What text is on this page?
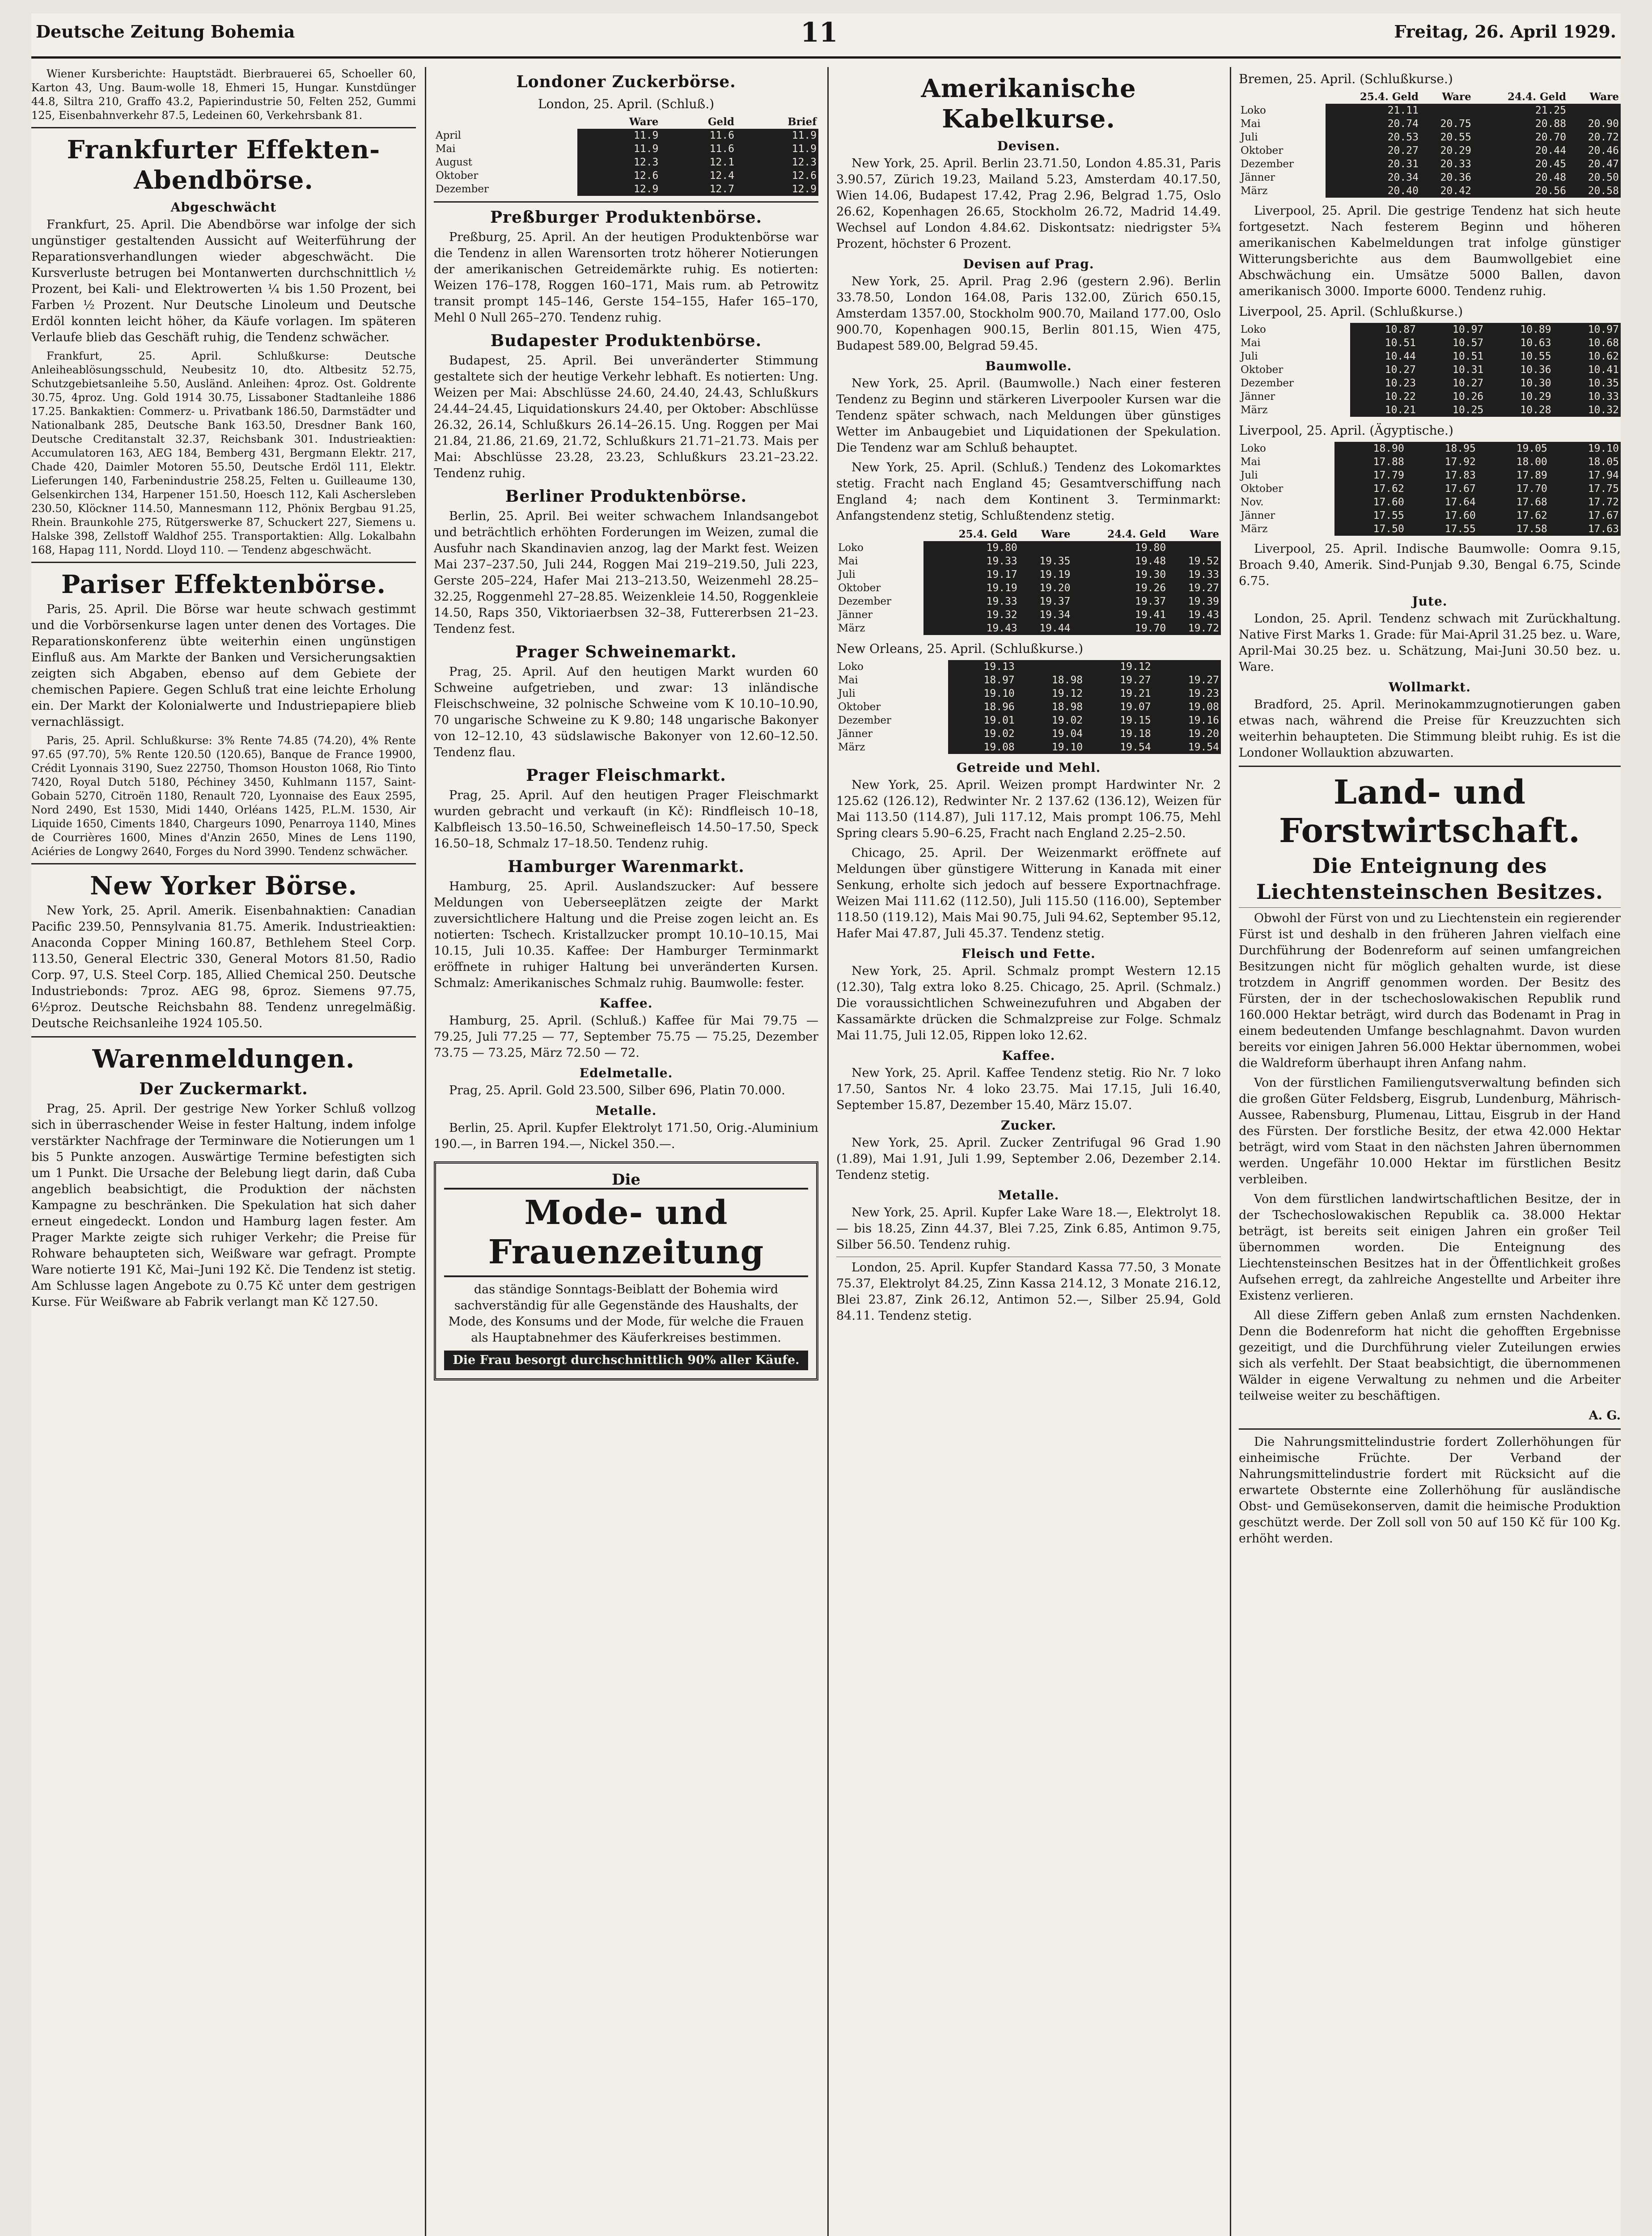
Deutsche Zeitung Bohemia	11	Freitag, 26. April 1929.

Wiener Kursberichte: Hauptstädt. Bierbrauerei 65, Schoeller 60, Karton 43, Ung. Baum-wolle 18, Ehmeri 15, Hungar. Kunstdünger 44.8, Siltra 210, Graffo 43.2, Papierindustrie 50, Felten 252, Gummi 125, Eisenbahnverkehr 87.5, Ledeinen 60, Verkehrsbank 81.

Frankfurter Effekten-Abendbörse.
Abgeschwächt

Frankfurt, 25. April. Die Abendbörse war infolge der sich ungünstiger gestaltenden Aussicht auf Weiterführung der Reparationsverhandlungen wieder abgeschwächt. Die Kursverluste betrugen bei Montanwerten durchschnittlich ½ Prozent, bei Kali- und Elektrowerten ¼ bis 1.50 Prozent, bei Farben ½ Prozent. Nur Deutsche Linoleum und Deutsche Erdöl konnten leicht höher, da Käufe vorlagen. Im späteren Verlaufe blieb das Geschäft ruhig, die Tendenz schwächer.

Frankfurt, 25. April. Schlußkurse: Deutsche Anleiheablösungsschuld, Neubesitz 10, dto. Altbesitz 52.75, Schutzgebietsanleihe 5.50, Ausländ. Anleihen: 4proz. Ost. Goldrente 30.75, 4proz. Ung. Gold 1914 30.75, Lissaboner Stadtanleihe 1886 17.25. Bankaktien: Commerz- u. Privatbank 186.50, Darmstädter und Nationalbank 285, Deutsche Bank 163.50, Dresdner Bank 160, Deutsche Creditanstalt 32.37, Reichsbank 301. Industrieaktien: Accumulatoren 163, AEG 184, Bemberg 431, Bergmann Elektr. 217, Chade 420, Daimler Motoren 55.50, Deutsche Erdöl 111, Elektr. Lieferungen 140, Farbenindustrie 258.25, Felten u. Guilleaume 130, Gelsenkirchen 134, Harpener 151.50, Hoesch 112, Kali Aschersleben 230.50, Klöckner 114.50, Mannesmann 112, Phönix Bergbau 91.25, Rhein. Braunkohle 275, Rütgerswerke 87, Schuckert 227, Siemens u. Halske 398, Zellstoff Waldhof 255. Transportaktien: Allg. Lokalbahn 168, Hapag 111, Nordd. Lloyd 110. — Tendenz abgeschwächt.

Pariser Effektenbörse.

Paris, 25. April. Die Börse war heute schwach gestimmt und die Vorbörsenkurse lagen unter denen des Vortages. Die Reparationskonferenz übte weiterhin einen ungünstigen Einfluß aus. Am Markte der Banken und Versicherungsaktien zeigten sich Abgaben, ebenso auf dem Gebiete der chemischen Papiere. Gegen Schluß trat eine leichte Erholung ein. Der Markt der Kolonialwerte und Industriepapiere blieb vernachlässigt.

Paris, 25. April. Schlußkurse: 3% Rente 74.85 (74.20), 4% Rente 97.65 (97.70), 5% Rente 120.50 (120.65), Banque de France 19900, Crédit Lyonnais 3190, Suez 22750, Thomson Houston 1068, Rio Tinto 7420, Royal Dutch 5180, Péchiney 3450, Kuhlmann 1157, Saint-Gobain 5270, Citroën 1180, Renault 720, Lyonnaise des Eaux 2595, Nord 2490, Est 1530, Midi 1440, Orléans 1425, P.L.M. 1530, Air Liquide 1650, Ciments 1840, Chargeurs 1090, Penarroya 1140, Mines de Courrières 1600, Mines d'Anzin 2650, Mines de Lens 1190, Aciéries de Longwy 2640, Forges du Nord 3990. Tendenz schwächer.

New Yorker Börse.

New York, 25. April. Amerik. Eisenbahnaktien: Canadian Pacific 239.50, Pennsylvania 81.75. Amerik. Industrieaktien: Anaconda Copper Mining 160.87, Bethlehem Steel Corp. 113.50, General Electric 330, General Motors 81.50, Radio Corp. 97, U.S. Steel Corp. 185, Allied Chemical 250. Deutsche Industriebonds: 7proz. AEG 98, 6proz. Siemens 97.75, 6½proz. Deutsche Reichsbahn 88. Tendenz unregelmäßig. Deutsche Reichsanleihe 1924 105.50.

Warenmeldungen.
Der Zuckermarkt.

Prag, 25. April. Der gestrige New Yorker Schluß vollzog sich in überraschender Weise in fester Haltung, indem infolge verstärkter Nachfrage der Terminware die Notierungen um 1 bis 5 Punkte anzogen. Auswärtige Termine befestigten sich um 1 Punkt. Die Ursache der Belebung liegt darin, daß Cuba angeblich beabsichtigt, die Produktion der nächsten Kampagne zu beschränken. Die Spekulation hat sich daher erneut eingedeckt. London und Hamburg lagen fester. Am Prager Markte zeigte sich ruhiger Verkehr; die Preise für Rohware behaupteten sich, Weißware war gefragt. Prompte Ware notierte 191 Kč, Mai–Juni 192 Kč. Die Tendenz ist stetig. Am Schlusse lagen Angebote zu 0.75 Kč unter dem gestrigen Kurse. Für Weißware ab Fabrik verlangt man Kč 127.50.

Londoner Zuckerbörse.
London, 25. April. (Schluß.)
	Ware	Geld	Brief
April	11.9	11.6	11.9
Mai	11.9	11.6	11.9
August	12.3	12.1	12.3
Oktober	12.6	12.4	12.6
Dezember	12.9	12.7	12.9
Preßburger Produktenbörse.

Preßburg, 25. April. An der heutigen Produktenbörse war die Tendenz in allen Warensorten trotz höherer Notierungen der amerikanischen Getreidemärkte ruhig. Es notierten: Weizen 176–178, Roggen 160–171, Mais rum. ab Petrowitz transit prompt 145–146, Gerste 154–155, Hafer 165–170, Mehl 0 Null 265–270. Tendenz ruhig.

Budapester Produktenbörse.

Budapest, 25. April. Bei unveränderter Stimmung gestaltete sich der heutige Verkehr lebhaft. Es notierten: Ung. Weizen per Mai: Abschlüsse 24.60, 24.40, 24.43, Schlußkurs 24.44–24.45, Liquidationskurs 24.40, per Oktober: Abschlüsse 26.32, 26.14, Schlußkurs 26.14–26.15. Ung. Roggen per Mai 21.84, 21.86, 21.69, 21.72, Schlußkurs 21.71–21.73. Mais per Mai: Abschlüsse 23.28, 23.23, Schlußkurs 23.21–23.22. Tendenz ruhig.

Berliner Produktenbörse.

Berlin, 25. April. Bei weiter schwachem Inlandsangebot und beträchtlich erhöhten Forderungen im Weizen, zumal die Ausfuhr nach Skandinavien anzog, lag der Markt fest. Weizen Mai 237–237.50, Juli 244, Roggen Mai 219–219.50, Juli 223, Gerste 205–224, Hafer Mai 213–213.50, Weizenmehl 28.25–32.25, Roggenmehl 27–28.85. Weizenkleie 14.50, Roggenkleie 14.50, Raps 350, Viktoriaerbsen 32–38, Futtererbsen 21–23. Tendenz fest.

Prager Schweinemarkt.

Prag, 25. April. Auf den heutigen Markt wurden 60 Schweine aufgetrieben, und zwar: 13 inländische Fleischschweine, 32 polnische Schweine vom K 10.10–10.90, 70 ungarische Schweine zu K 9.80; 148 ungarische Bakonyer von 12–12.10, 43 südslawische Bakonyer von 12.60–12.50. Tendenz flau.

Prager Fleischmarkt.

Prag, 25. April. Auf den heutigen Prager Fleischmarkt wurden gebracht und verkauft (in Kč): Rindfleisch 10–18, Kalbfleisch 13.50–16.50, Schweinefleisch 14.50–17.50, Speck 16.50–18, Schmalz 17–18.50. Tendenz ruhig.

Hamburger Warenmarkt.

Hamburg, 25. April. Auslandszucker: Auf bessere Meldungen von Ueberseeplätzen zeigte der Markt zuversichtlichere Haltung und die Preise zogen leicht an. Es notierten: Tschech. Kristallzucker prompt 10.10–10.15, Mai 10.15, Juli 10.35. Kaffee: Der Hamburger Terminmarkt eröffnete in ruhiger Haltung bei unveränderten Kursen. Schmalz: Amerikanisches Schmalz ruhig. Baumwolle: fester.

Kaffee.

Hamburg, 25. April. (Schluß.) Kaffee für Mai 79.75 — 79.25, Juli 77.25 — 77, September 75.75 — 75.25, Dezember 73.75 — 73.25, März 72.50 — 72.

Edelmetalle.

Prag, 25. April. Gold 23.500, Silber 696, Platin 70.000.

Metalle.

Berlin, 25. April. Kupfer Elektrolyt 171.50, Orig.-Aluminium 190.—, in Barren 194.—, Nickel 350.—.

Die
Mode- und Frauenzeitung
das ständige Sonntags-Beiblatt der Bohemia wird sachverständig für alle Gegenstände des Haushalts, der Mode, des Konsums und der Mode, für welche die Frauen als Hauptabnehmer des Käuferkreises bestimmen.
Die Frau besorgt durchschnittlich 90% aller Käufe.
Amerikanische Kabelkurse.
Devisen.

New York, 25. April. Berlin 23.71.50, London 4.85.31, Paris 3.90.57, Zürich 19.23, Mailand 5.23, Amsterdam 40.17.50, Wien 14.06, Budapest 17.42, Prag 2.96, Belgrad 1.75, Oslo 26.62, Kopenhagen 26.65, Stockholm 26.72, Madrid 14.49. Wechsel auf London 4.84.62. Diskontsatz: niedrigster 5¾ Prozent, höchster 6 Prozent.

Devisen auf Prag.

New York, 25. April. Prag 2.96 (gestern 2.96). Berlin 33.78.50, London 164.08, Paris 132.00, Zürich 650.15, Amsterdam 1357.00, Stockholm 900.70, Mailand 177.00, Oslo 900.70, Kopenhagen 900.15, Berlin 801.15, Wien 475, Budapest 589.00, Belgrad 59.45.

Baumwolle.

New York, 25. April. (Baumwolle.) Nach einer festeren Tendenz zu Beginn und stärkeren Liverpooler Kursen war die Tendenz später schwach, nach Meldungen über günstiges Wetter im Anbaugebiet und Liquidationen der Spekulation. Die Tendenz war am Schluß behauptet.

New York, 25. April. (Schluß.) Tendenz des Lokomarktes stetig. Fracht nach England 45; Gesamtverschiffung nach England 4; nach dem Kontinent 3. Terminmarkt: Anfangstendenz stetig, Schlußtendenz stetig.

	25.4. Geld	Ware	24.4. Geld	Ware
Loko	19.80		19.80	
Mai	19.33	19.35	19.48	19.52
Juli	19.17	19.19	19.30	19.33
Oktober	19.19	19.20	19.26	19.27
Dezember	19.33	19.37	19.37	19.39
Jänner	19.32	19.34	19.41	19.43
März	19.43	19.44	19.70	19.72
New Orleans, 25. April. (Schlußkurse.)
Loko	19.13		19.12	
Mai	18.97	18.98	19.27	19.27
Juli	19.10	19.12	19.21	19.23
Oktober	18.96	18.98	19.07	19.08
Dezember	19.01	19.02	19.15	19.16
Jänner	19.02	19.04	19.18	19.20
März	19.08	19.10	19.54	19.54
Getreide und Mehl.

New York, 25. April. Weizen prompt Hardwinter Nr. 2 125.62 (126.12), Redwinter Nr. 2 137.62 (136.12), Weizen für Mai 113.50 (114.87), Juli 117.12, Mais prompt 106.75, Mehl Spring clears 5.90–6.25, Fracht nach England 2.25–2.50.

Chicago, 25. April. Der Weizenmarkt eröffnete auf Meldungen über günstigere Witterung in Kanada mit einer Senkung, erholte sich jedoch auf bessere Exportnachfrage. Weizen Mai 111.62 (112.50), Juli 115.50 (116.00), September 118.50 (119.12), Mais Mai 90.75, Juli 94.62, September 95.12, Hafer Mai 47.87, Juli 45.37. Tendenz stetig.

Fleisch und Fette.

New York, 25. April. Schmalz prompt Western 12.15 (12.30), Talg extra loko 8.25. Chicago, 25. April. (Schmalz.) Die voraussichtlichen Schweinezufuhren und Abgaben der Kassamärkte drücken die Schmalzpreise zur Folge. Schmalz Mai 11.75, Juli 12.05, Rippen loko 12.62.

Kaffee.

New York, 25. April. Kaffee Tendenz stetig. Rio Nr. 7 loko 17.50, Santos Nr. 4 loko 23.75. Mai 17.15, Juli 16.40, September 15.87, Dezember 15.40, März 15.07.

Zucker.

New York, 25. April. Zucker Zentrifugal 96 Grad 1.90 (1.89), Mai 1.91, Juli 1.99, September 2.06, Dezember 2.14. Tendenz stetig.

Metalle.

New York, 25. April. Kupfer Lake Ware 18.—, Elektrolyt 18.— bis 18.25, Zinn 44.37, Blei 7.25, Zink 6.85, Antimon 9.75, Silber 56.50. Tendenz ruhig.

London, 25. April. Kupfer Standard Kassa 77.50, 3 Monate 75.37, Elektrolyt 84.25, Zinn Kassa 214.12, 3 Monate 216.12, Blei 23.87, Zink 26.12, Antimon 52.—, Silber 25.94, Gold 84.11. Tendenz stetig.

Bremen, 25. April. (Schlußkurse.)
	25.4. Geld	Ware	24.4. Geld	Ware
Loko	21.11		21.25	
Mai	20.74	20.75	20.88	20.90
Juli	20.53	20.55	20.70	20.72
Oktober	20.27	20.29	20.44	20.46
Dezember	20.31	20.33	20.45	20.47
Jänner	20.34	20.36	20.48	20.50
März	20.40	20.42	20.56	20.58

Liverpool, 25. April. Die gestrige Tendenz hat sich heute fortgesetzt. Nach festerem Beginn und höheren amerikanischen Kabelmeldungen trat infolge günstiger Witterungsberichte aus dem Baumwollgebiet eine Abschwächung ein. Umsätze 5000 Ballen, davon amerikanisch 3000. Importe 6000. Tendenz ruhig.

Liverpool, 25. April. (Schlußkurse.)
Loko	10.87	10.97	10.89	10.97
Mai	10.51	10.57	10.63	10.68
Juli	10.44	10.51	10.55	10.62
Oktober	10.27	10.31	10.36	10.41
Dezember	10.23	10.27	10.30	10.35
Jänner	10.22	10.26	10.29	10.33
März	10.21	10.25	10.28	10.32
Liverpool, 25. April. (Ägyptische.)
Loko	18.90	18.95	19.05	19.10
Mai	17.88	17.92	18.00	18.05
Juli	17.79	17.83	17.89	17.94
Oktober	17.62	17.67	17.70	17.75
Nov.	17.60	17.64	17.68	17.72
Jänner	17.55	17.60	17.62	17.67
März	17.50	17.55	17.58	17.63

Liverpool, 25. April. Indische Baumwolle: Oomra 9.15, Broach 9.40, Amerik. Sind-Punjab 9.30, Bengal 6.75, Scinde 6.75.

Jute.

London, 25. April. Tendenz schwach mit Zurückhaltung. Native First Marks 1. Grade: für Mai-April 31.25 bez. u. Ware, April-Mai 30.25 bez. u. Schätzung, Mai-Juni 30.50 bez. u. Ware.

Wollmarkt.

Bradford, 25. April. Merinokammzugnotierungen gaben etwas nach, während die Preise für Kreuzzuchten sich weiterhin behaupteten. Die Stimmung bleibt ruhig. Es ist die Londoner Wollauktion abzuwarten.

Land- und Forstwirtschaft.
Die Enteignung des Liechtensteinschen Besitzes.

Obwohl der Fürst von und zu Liechtenstein ein regierender Fürst ist und deshalb in den früheren Jahren vielfach eine Durchführung der Bodenreform auf seinen umfangreichen Besitzungen nicht für möglich gehalten wurde, ist diese trotzdem in Angriff genommen worden. Der Besitz des Fürsten, der in der tschechoslowakischen Republik rund 160.000 Hektar beträgt, wird durch das Bodenamt in Prag in einem bedeutenden Umfange beschlagnahmt. Davon wurden bereits vor einigen Jahren 56.000 Hektar übernommen, wobei die Waldreform überhaupt ihren Anfang nahm.

Von der fürstlichen Familiengutsverwaltung befinden sich die großen Güter Feldsberg, Eisgrub, Lundenburg, Mährisch-Aussee, Rabensburg, Plumenau, Littau, Eisgrub in der Hand des Fürsten. Der forstliche Besitz, der etwa 42.000 Hektar beträgt, wird vom Staat in den nächsten Jahren übernommen werden. Ungefähr 10.000 Hektar im fürstlichen Besitz verbleiben.

Von dem fürstlichen landwirtschaftlichen Besitze, der in der Tschechoslowakischen Republik ca. 38.000 Hektar beträgt, ist bereits seit einigen Jahren ein großer Teil übernommen worden. Die Enteignung des Liechtensteinschen Besitzes hat in der Öffentlichkeit großes Aufsehen erregt, da zahlreiche Angestellte und Arbeiter ihre Existenz verlieren.

All diese Ziffern geben Anlaß zum ernsten Nachdenken. Denn die Bodenreform hat nicht die gehofften Ergebnisse gezeitigt, und die Durchführung vieler Zuteilungen erwies sich als verfehlt. Der Staat beabsichtigt, die übernommenen Wälder in eigene Verwaltung zu nehmen und die Arbeiter teilweise weiter zu beschäftigen.

A. G.

Die Nahrungsmittelindustrie fordert Zollerhöhungen für einheimische Früchte. Der Verband der Nahrungsmittelindustrie fordert mit Rücksicht auf die erwartete Obsternte eine Zollerhöhung für ausländische Obst- und Gemüsekonserven, damit die heimische Produktion geschützt werde. Der Zoll soll von 50 auf 150 Kč für 100 Kg. erhöht werden.
